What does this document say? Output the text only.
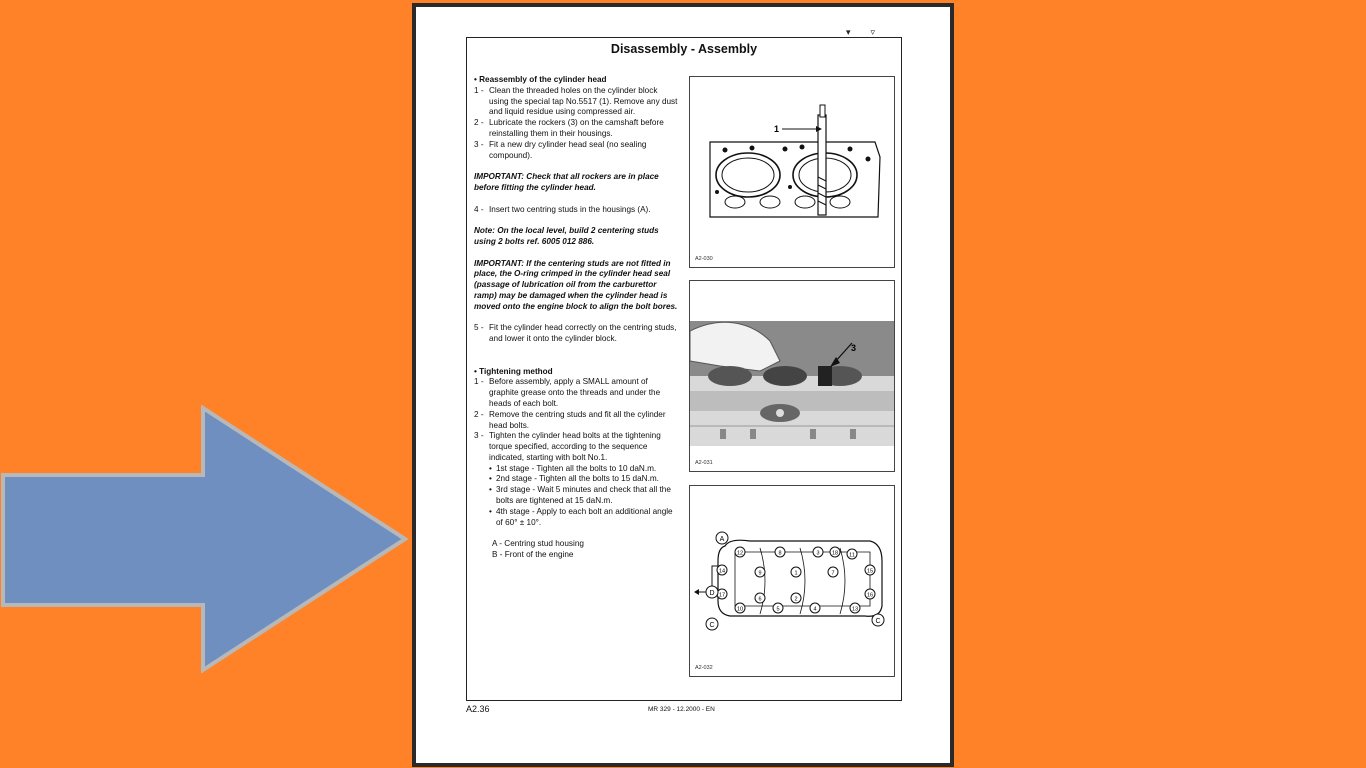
▾▿
Disassembly - Assembly
• Reassembly of the cylinder head
1 - Clean the threaded holes on the cylinder block using the special tap No.5517 (1). Remove any dust and liquid residue using compressed air.
2 - Lubricate the rockers (3) on the camshaft before reinstalling them in their housings.
3 - Fit a new dry cylinder head seal (no sealing compound).
IMPORTANT: Check that all rockers are in place before fitting the cylinder head.
4 - Insert two centring studs in the housings (A).
Note: On the local level, build 2 centering studs using 2 bolts ref. 6005 012 886.
IMPORTANT: If the centering studs are not fitted in place, the O-ring crimped in the cylinder head seal (passage of lubrication oil from the carburettor ramp) may be damaged when the cylinder head is moved onto the engine block to align the bolt bores.
5 - Fit the cylinder head correctly on the centring studs, and lower it onto the cylinder block.
• Tightening method
1 - Before assembly, apply a SMALL amount of graphite grease onto the threads and under the heads of each bolt.
2 - Remove the centring studs and fit all the cylinder head bolts.
3 - Tighten the cylinder head bolts at the tightening torque specified, according to the sequence indicated, starting with bolt No.1.
• 1st stage - Tighten all the bolts to 10 daN.m.
• 2nd stage - Tighten all the bolts to 15 daN.m.
• 3rd stage - Wait 5 minutes and check that all the bolts are tightened at 15 daN.m.
• 4th stage - Apply to each bolt an additional angle of 60° ± 10°.
A - Centring stud housing
B - Front of the engine
1
A2-030
3
A2-031
1
2
3
4
5
6
7
8
9
10
11
12
13
14	15
16
17
18
A
D
C
C
A2-032
A2.36	MR 329 - 12.2000 - EN
